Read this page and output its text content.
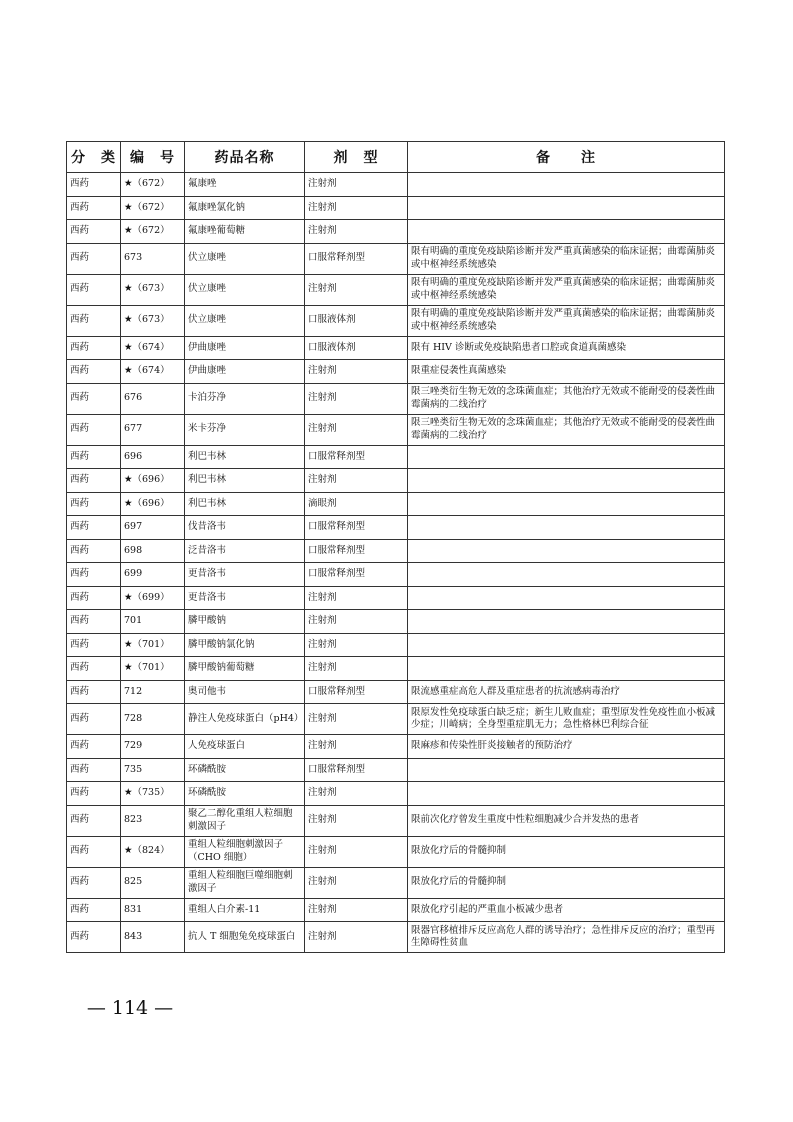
分　类	编　号	药品名称	剂　型	备　　注
西药	★（672）	氟康唑	注射剂	
西药	★（672）	氟康唑氯化钠	注射剂	
西药	★（672）	氟康唑葡萄糖	注射剂	
西药	673	伏立康唑	口服常释剂型	限有明确的重度免疫缺陷诊断并发严重真菌感染的临床证据；曲霉菌肺炎或中枢神经系统感染
西药	★（673）	伏立康唑	注射剂	限有明确的重度免疫缺陷诊断并发严重真菌感染的临床证据；曲霉菌肺炎或中枢神经系统感染
西药	★（673）	伏立康唑	口服液体剂	限有明确的重度免疫缺陷诊断并发严重真菌感染的临床证据；曲霉菌肺炎或中枢神经系统感染
西药	★（674）	伊曲康唑	口服液体剂	限有 HIV 诊断或免疫缺陷患者口腔或食道真菌感染
西药	★（674）	伊曲康唑	注射剂	限重症侵袭性真菌感染
西药	676	卡泊芬净	注射剂	限三唑类衍生物无效的念珠菌血症；其他治疗无效或不能耐受的侵袭性曲霉菌病的二线治疗
西药	677	米卡芬净	注射剂	限三唑类衍生物无效的念珠菌血症；其他治疗无效或不能耐受的侵袭性曲霉菌病的二线治疗
西药	696	利巴韦林	口服常释剂型	
西药	★（696）	利巴韦林	注射剂	
西药	★（696）	利巴韦林	滴眼剂	
西药	697	伐昔洛韦	口服常释剂型	
西药	698	泛昔洛韦	口服常释剂型	
西药	699	更昔洛韦	口服常释剂型	
西药	★（699）	更昔洛韦	注射剂	
西药	701	膦甲酸钠	注射剂	
西药	★（701）	膦甲酸钠氯化钠	注射剂	
西药	★（701）	膦甲酸钠葡萄糖	注射剂	
西药	712	奥司他韦	口服常释剂型	限流感重症高危人群及重症患者的抗流感病毒治疗
西药	728	静注人免疫球蛋白（pH4）	注射剂	限原发性免疫球蛋白缺乏症；新生儿败血症；重型原发性免疫性血小板减少症；川崎病；全身型重症肌无力；急性格林巴利综合征
西药	729	人免疫球蛋白	注射剂	限麻疹和传染性肝炎接触者的预防治疗
西药	735	环磷酰胺	口服常释剂型	
西药	★（735）	环磷酰胺	注射剂	
西药	823	聚乙二醇化重组人粒细胞刺激因子	注射剂	限前次化疗曾发生重度中性粒细胞减少合并发热的患者
西药	★（824）	重组人粒细胞刺激因子（CHO 细胞）	注射剂	限放化疗后的骨髓抑制
西药	825	重组人粒细胞巨噬细胞刺激因子	注射剂	限放化疗后的骨髓抑制
西药	831	重组人白介素-11	注射剂	限放化疗引起的严重血小板减少患者
西药	843	抗人 T 细胞兔免疫球蛋白	注射剂	限器官移植排斥反应高危人群的诱导治疗；急性排斥反应的治疗；重型再生障碍性贫血
— 114 —
